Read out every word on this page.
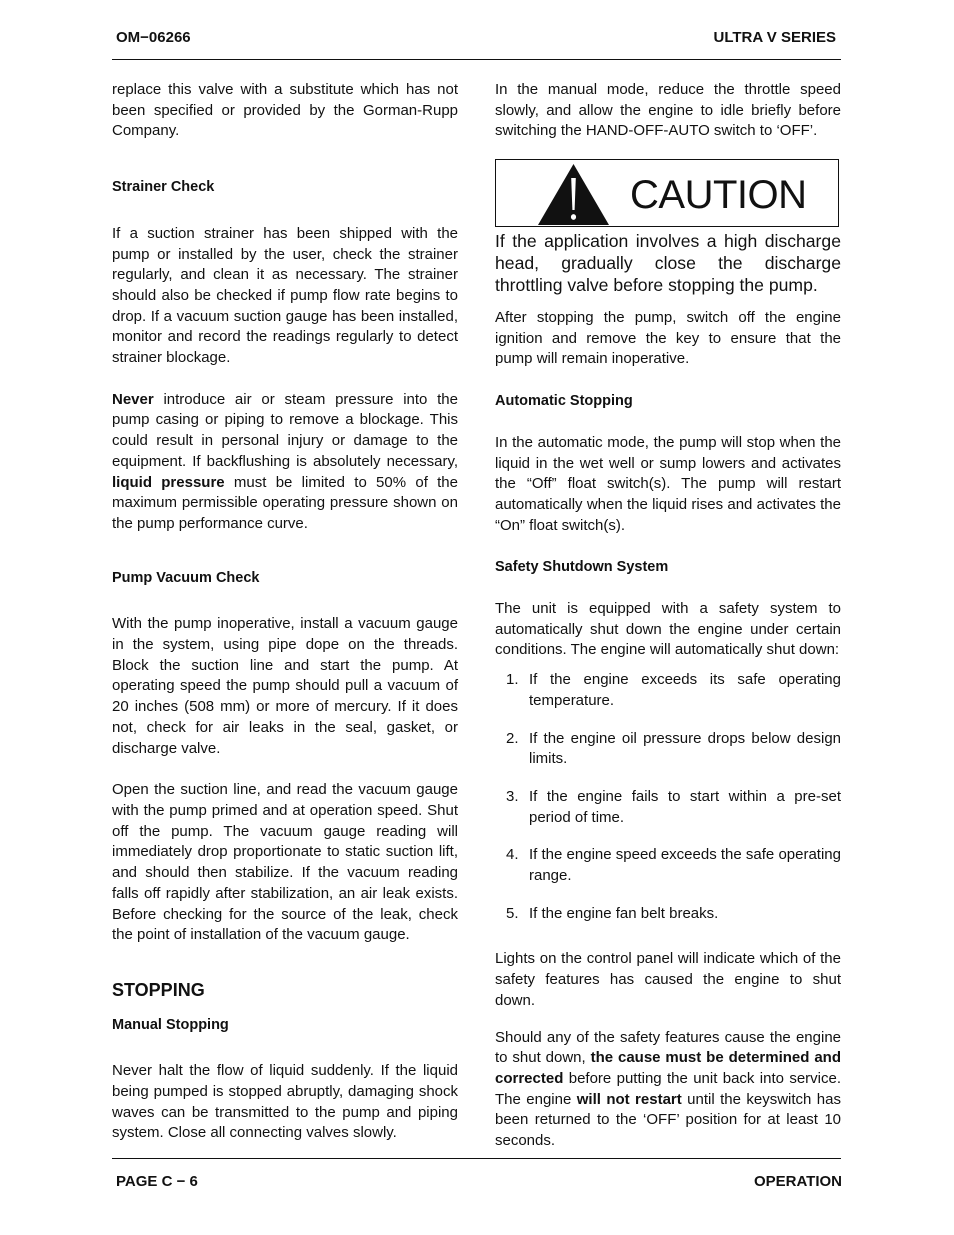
OM−06266	ULTRA V SERIES

replace this valve with a substitute which has not been specified or provided by the Gorman-Rupp Company.

Strainer Check

If a suction strainer has been shipped with the pump or installed by the user, check the strainer regularly, and clean it as necessary. The strainer should also be checked if pump flow rate begins to drop. If a vacuum suction gauge has been installed, monitor and record the readings regularly to detect strainer blockage.

Never introduce air or steam pressure into the pump casing or piping to remove a blockage. This could result in personal injury or damage to the equipment. If backflushing is absolutely necessary, liquid pressure must be limited to 50% of the maximum permissible operating pressure shown on the pump performance curve.

Pump Vacuum Check

With the pump inoperative, install a vacuum gauge in the system, using pipe dope on the threads. Block the suction line and start the pump. At operating speed the pump should pull a vacuum of 20 inches (508 mm) or more of mercury. If it does not, check for air leaks in the seal, gasket, or discharge valve.

Open the suction line, and read the vacuum gauge with the pump primed and at operation speed. Shut off the pump. The vacuum gauge reading will immediately drop proportionate to static suction lift, and should then stabilize. If the vacuum reading falls off rapidly after stabilization, an air leak exists. Before checking for the source of the leak, check the point of installation of the vacuum gauge.

STOPPING

Manual Stopping

Never halt the flow of liquid suddenly. If the liquid being pumped is stopped abruptly, damaging shock waves can be transmitted to the pump and piping system. Close all connecting valves slowly.

In the manual mode, reduce the throttle speed slowly, and allow the engine to idle briefly before switching the HAND-OFF-AUTO switch to ‘OFF’.

CAUTION

If the application involves a high discharge head, gradually close the discharge throttling valve before stopping the pump.

After stopping the pump, switch off the engine ignition and remove the key to ensure that the pump will remain inoperative.

Automatic Stopping

In the automatic mode, the pump will stop when the liquid in the wet well or sump lowers and activates the “Off” float switch(s). The pump will restart automatically when the liquid rises and activates the “On” float switch(s).

Safety Shutdown System

The unit is equipped with a safety system to automatically shut down the engine under certain conditions. The engine will automatically shut down:

1. If the engine exceeds its safe operating temperature.
2. If the engine oil pressure drops below design limits.
3. If the engine fails to start within a pre-set period of time.
4. If the engine speed exceeds the safe operating range.
5. If the engine fan belt breaks.

Lights on the control panel will indicate which of the safety features has caused the engine to shut down.

Should any of the safety features cause the engine to shut down, the cause must be determined and corrected before putting the unit back into service. The engine will not restart until the keyswitch has been returned to the ‘OFF’ position for at least 10 seconds.

PAGE C − 6	OPERATION
